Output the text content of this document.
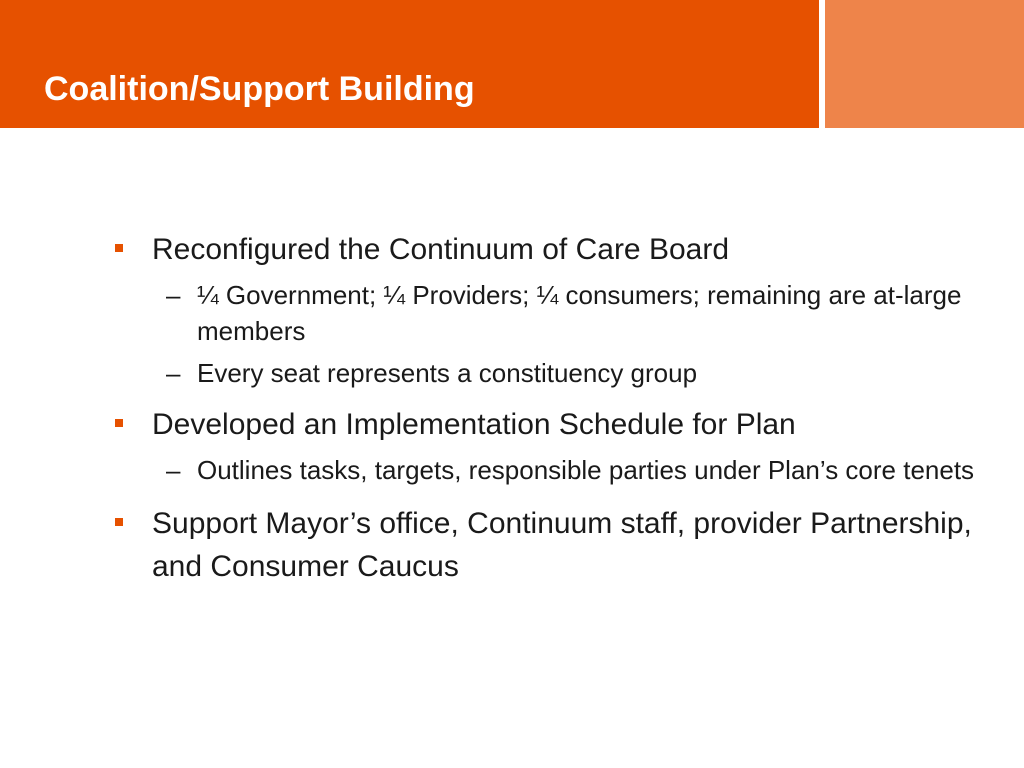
Coalition/Support Building
Reconfigured the Continuum of Care Board
– ¼ Government; ¼ Providers; ¼ consumers; remaining are at-large members
– Every seat represents a constituency group
Developed an Implementation Schedule for Plan
– Outlines tasks, targets, responsible parties under Plan’s core tenets
Support Mayor’s office, Continuum staff, provider Partnership, and Consumer Caucus
